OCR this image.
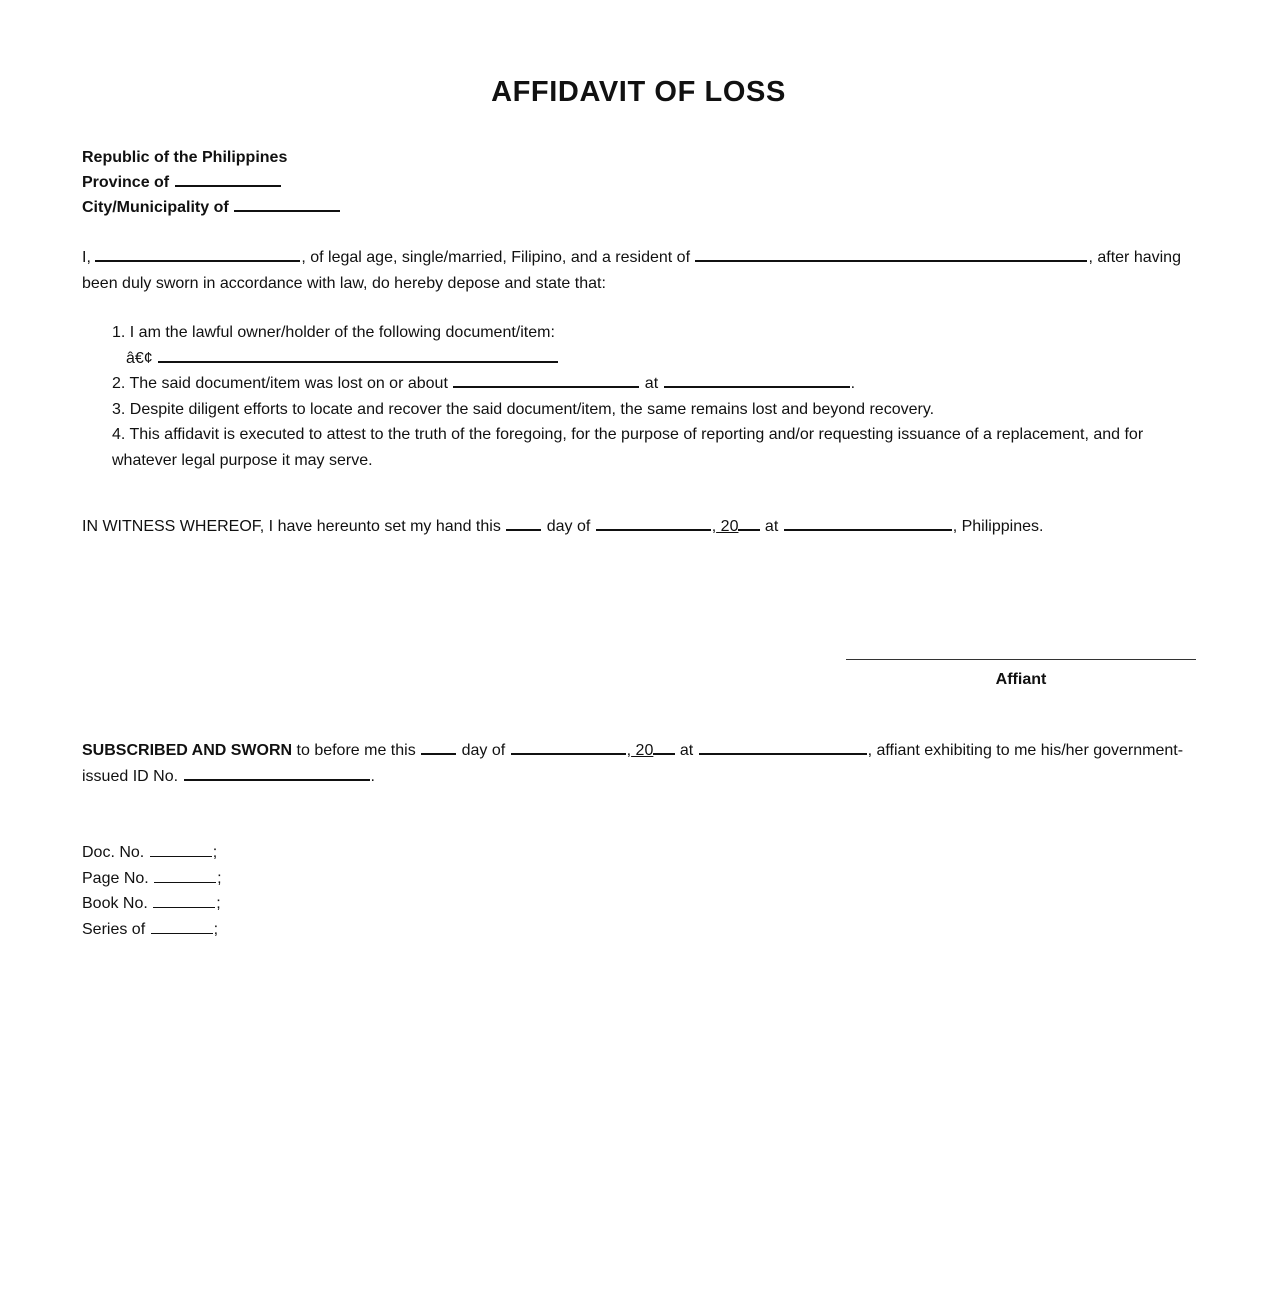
AFFIDAVIT OF LOSS
Republic of the Philippines
Province of
City/Municipality of
I,	, of legal age, single/married, Filipino, and a resident of	, after having been duly sworn in accordance with law, do hereby depose and state that:
1. I am the lawful owner/holder of the following document/item:
â€¢
2. The said document/item was lost on or about	at	.
3. Despite diligent efforts to locate and recover the said document/item, the same remains lost and beyond recovery.
4. This affidavit is executed to attest to the truth of the foregoing, for the purpose of reporting and/or requesting issuance of a replacement, and for whatever legal purpose it may serve.
IN WITNESS WHEREOF, I have hereunto set my hand this	day of	, 20 at	, Philippines.
Affiant
SUBSCRIBED AND SWORN to before me this	day of	, 20 at	, affiant exhibiting to me his/her government-issued ID No.	.
Doc. No.	;
Page No.	;
Book No.	;
Series of	;
